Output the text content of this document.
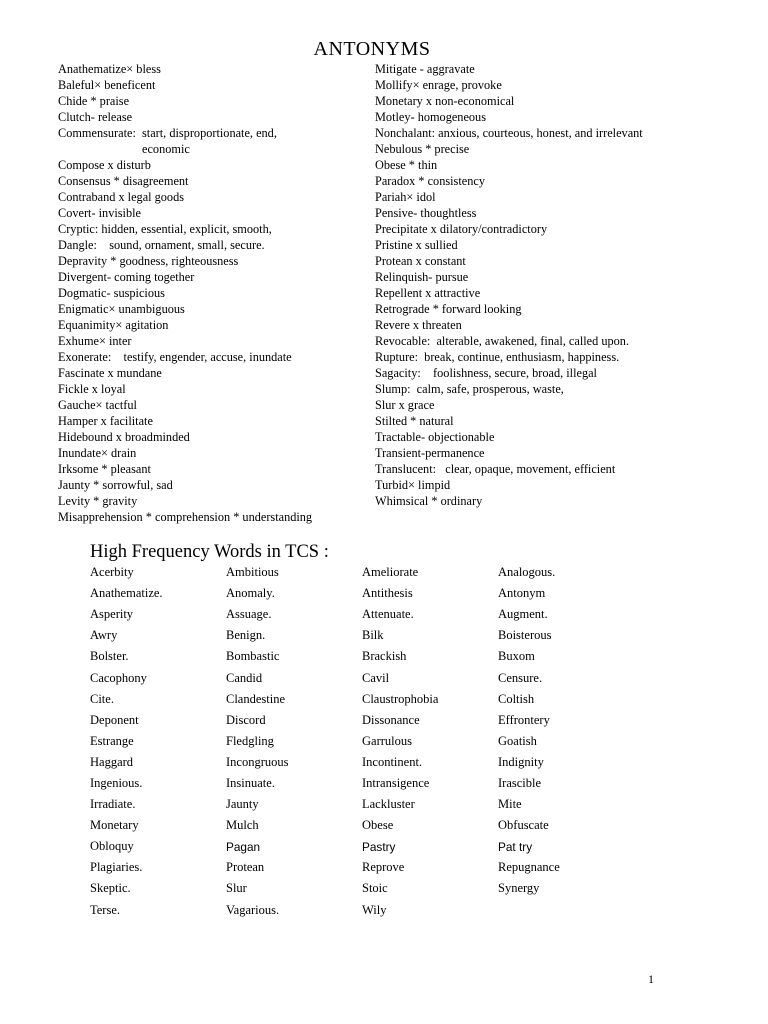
ANTONYMS
Anathematize× bless
Baleful× beneficent
Chide * praise
Clutch- release
Commensurate: start, disproportionate, end, economic
Compose x disturb
Consensus * disagreement
Contraband x legal goods
Covert- invisible
Cryptic: hidden, essential, explicit, smooth,
Dangle:    sound, ornament, small, secure.
Depravity * goodness, righteousness
Divergent- coming together
Dogmatic- suspicious
Enigmatic× unambiguous
Equanimity× agitation
Exhume× inter
Exonerate:    testify, engender, accuse, inundate
Fascinate x mundane
Fickle x loyal
Gauche× tactful
Hamper x facilitate
Hidebound x broadminded
Inundate× drain
Irksome * pleasant
Jaunty * sorrowful, sad
Levity * gravity
Misapprehension * comprehension * understanding
Mitigate - aggravate
Mollify× enrage, provoke
Monetary x non-economical
Motley- homogeneous
Nonchalant: anxious, courteous, honest, and irrelevant
Nebulous * precise
Obese * thin
Paradox * consistency
Pariah× idol
Pensive- thoughtless
Precipitate x dilatory/contradictory
Pristine x sullied
Protean x constant
Relinquish- pursue
Repellent x attractive
Retrograde * forward looking
Revere x threaten
Revocable:  alterable, awakened, final, called upon.
Rupture:  break, continue, enthusiasm, happiness.
Sagacity:    foolishness, secure, broad, illegal
Slump:  calm, safe, prosperous, waste,
Slur x grace
Stilted * natural
Tractable- objectionable
Transient-permanence
Translucent:   clear, opaque, movement, efficient
Turbid× limpid
Whimsical * ordinary
High Frequency Words in TCS :
Acerbity	Ambitious	Ameliorate	Analogous.
Anathematize.	Anomaly.	Antithesis	Antonym
Asperity	Assuage.	Attenuate.	Augment.
Awry	Benign.	Bilk	Boisterous
Bolster.	Bombastic	Brackish	Buxom
Cacophony	Candid	Cavil	Censure.
Cite.	Clandestine	Claustrophobia	Coltish
Deponent	Discord	Dissonance	Effrontery
Estrange	Fledgling	Garrulous	Goatish
Haggard	Incongruous	Incontinent.	Indignity
Ingenious.	Insinuate.	Intransigence	Irascible
Irradiate.	Jaunty	Lackluster	Mite
Monetary	Mulch	Obese	Obfuscate
Obloquy	Pagan	Pastry	Pat try
Plagiaries.	Protean	Reprove	Repugnance
Skeptic.	Slur	Stoic	Synergy
Terse.	Vagarious.	Wily
1
